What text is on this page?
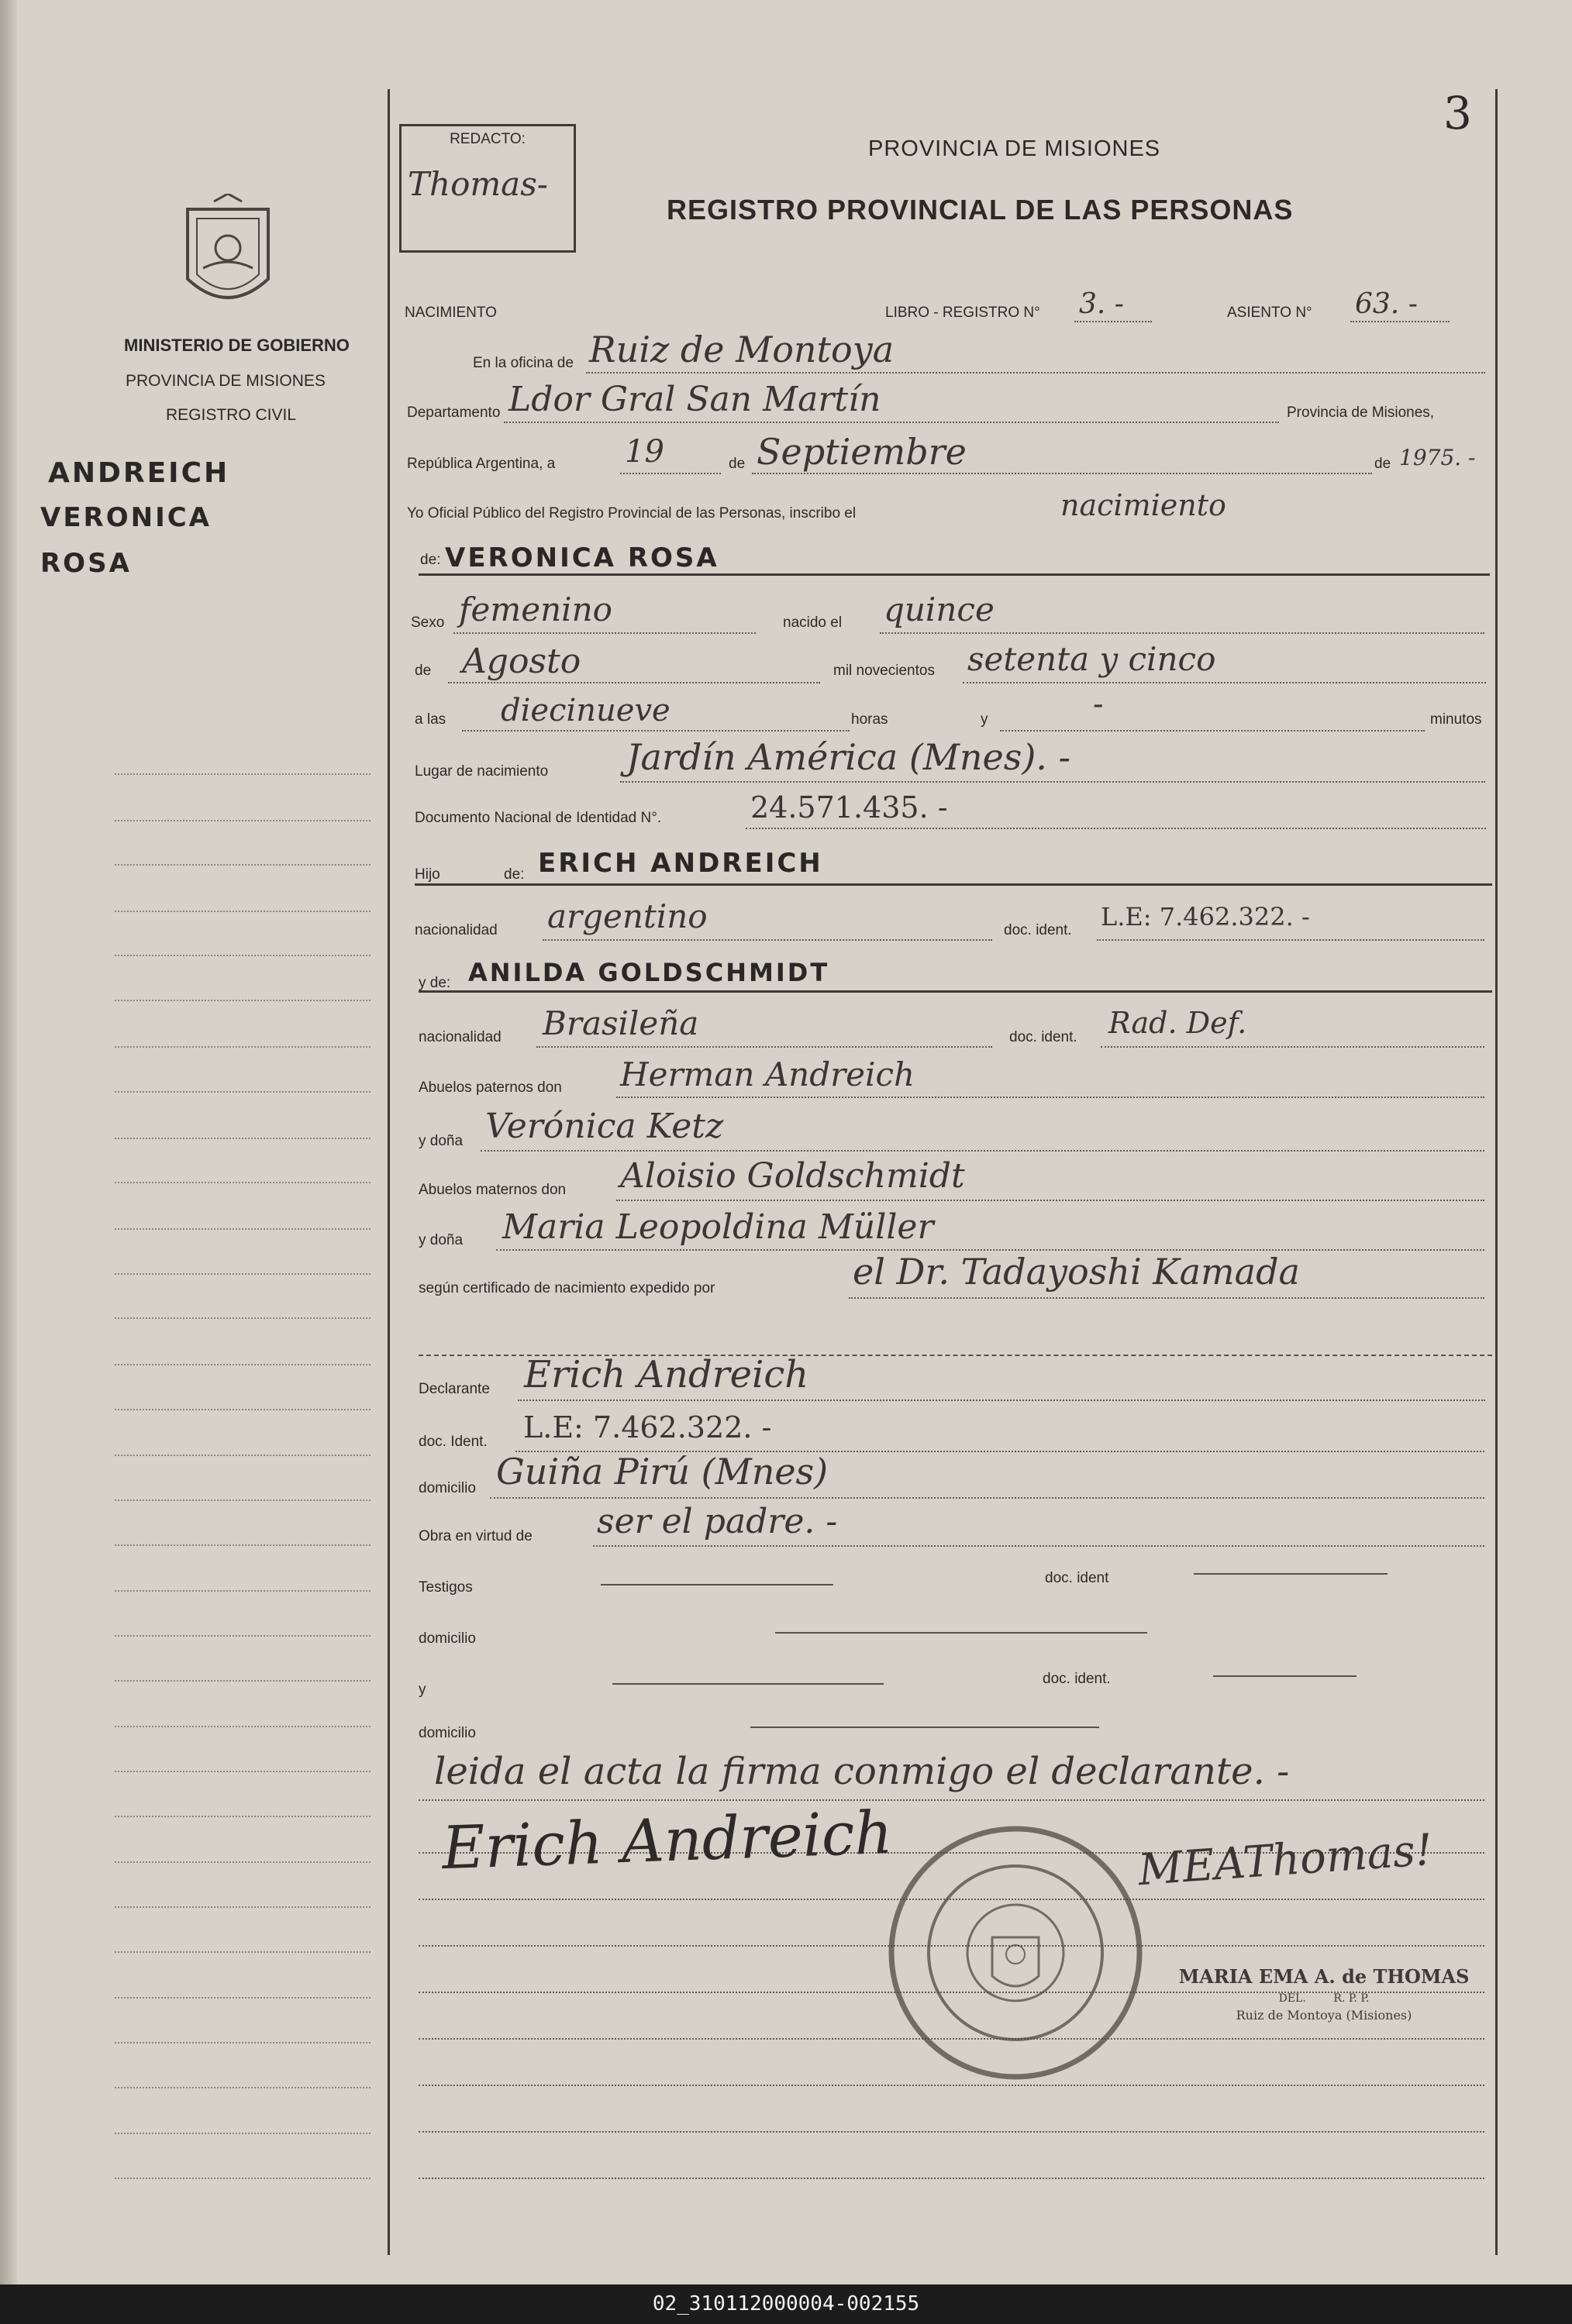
3
REDACTO:
Thomas-
PROVINCIA DE MISIONES
REGISTRO PROVINCIAL DE LAS PERSONAS
MINISTERIO DE GOBIERNO
PROVINCIA DE MISIONES
REGISTRO CIVIL
ANDREICH
VERONICA
ROSA
NACIMIENTO	LIBRO - REGISTRO N° 3. -	ASIENTO N° 63. -
En la oficina de Ruiz de Montoya
Departamento Ldor Gral San Martín	Provincia de Misiones,
República Argentina, a 19	de Septiembre	de 1975. -
Yo Oficial Público del Registro Provincial de las Personas, inscribo el	nacimiento
de: VERONICA ROSA
Sexo femenino	nacido el quince
de Agosto	mil novecientos setenta y cinco
a las diecinueve	horas	y	-	minutos
Lugar de nacimiento Jardín América (Mnes). -
Documento Nacional de Identidad N°.	24.571.435. -
Hijo	de: ERICH ANDREICH
nacionalidad argentino	doc. ident. L.E: 7.462.322. -
y de: ANILDA GOLDSCHMIDT
nacionalidad Brasileña	doc. ident. Rad. Def.
Abuelos paternos don Herman Andreich
y doña Verónica Ketz
Abuelos maternos don Aloisio Goldschmidt
y doña Maria Leopoldina Müller
según certificado de nacimiento expedido por	el Dr. Tadayoshi Kamada
Declarante Erich Andreich
doc. Ident. L.E: 7.462.322. -
domicilio Guiña Pirú (Mnes)
Obra en virtud de ser el padre. -
Testigos
doc. ident
domicilio
y
doc. ident.
domicilio
leida el acta la firma conmigo el declarante. -
Erich Andreich	MEAThomas!
MARIA EMA A. de THOMAS
DEL.        R. P. P.
Ruiz de Montoya (Misiones)
02_310112000004-002155
